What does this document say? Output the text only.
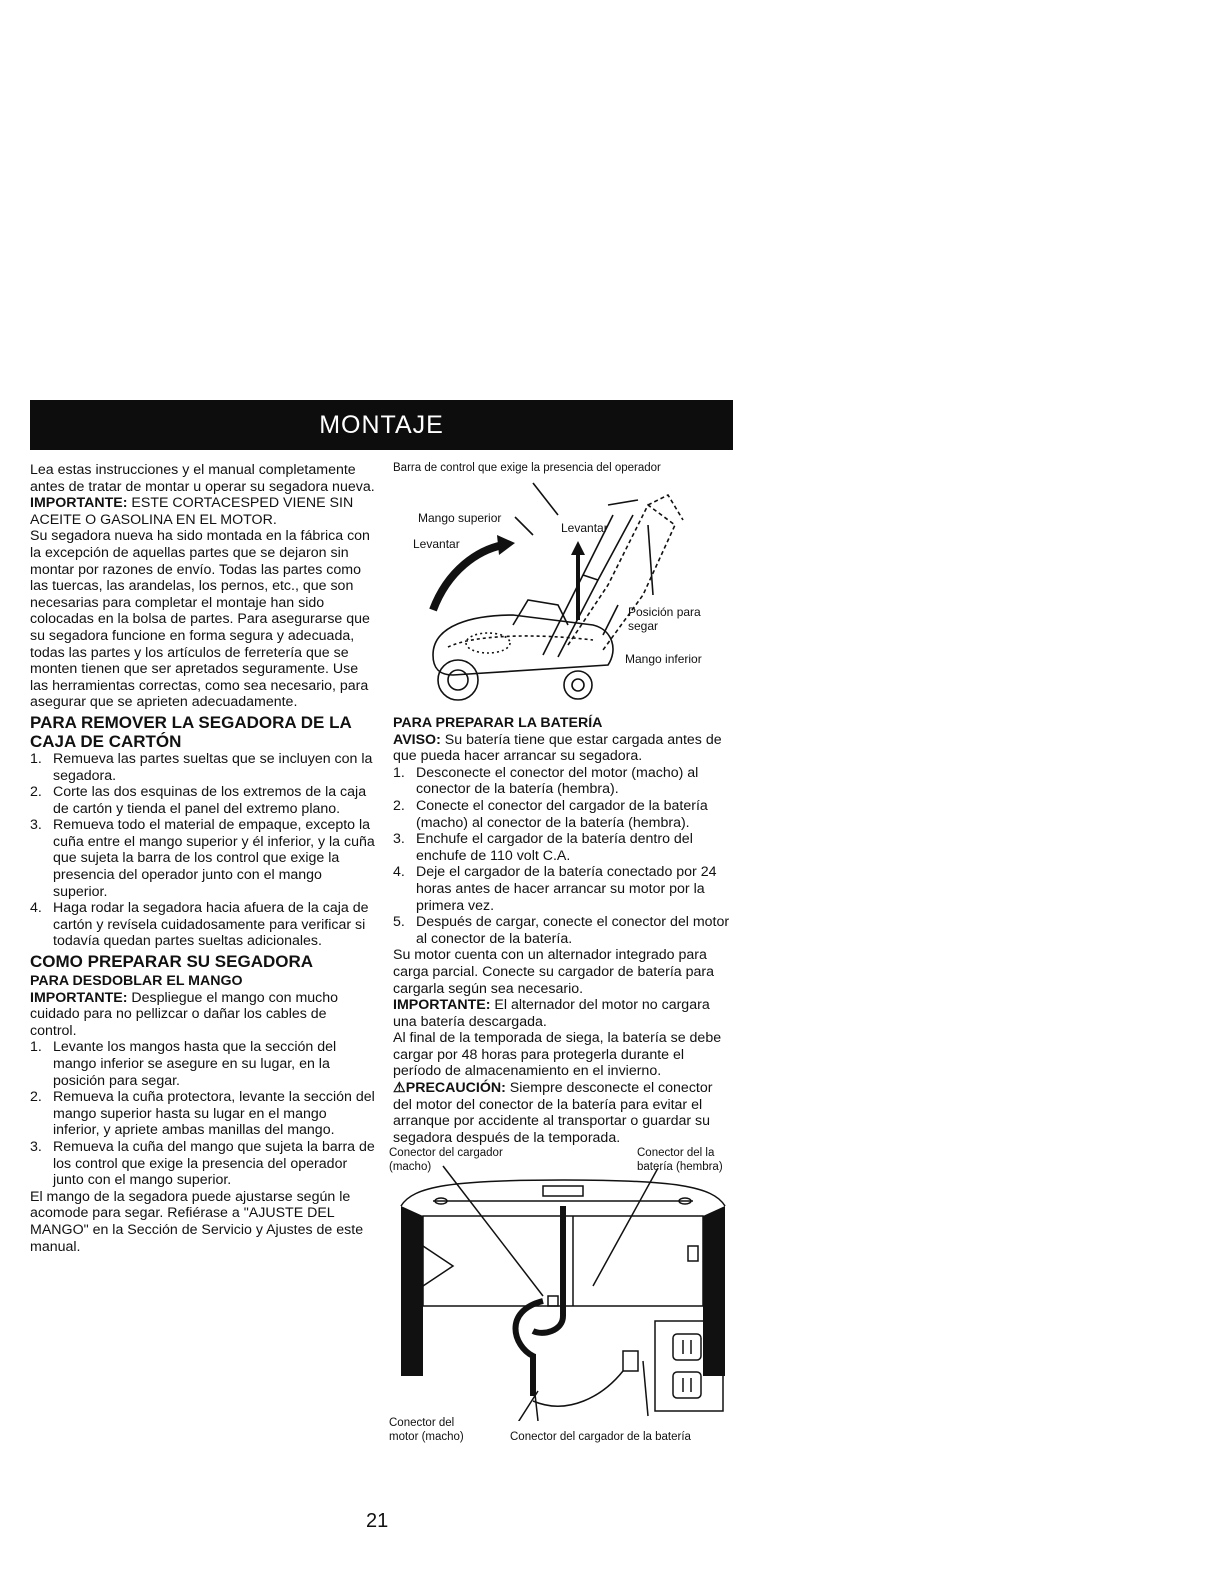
MONTAJE

Lea estas instrucciones y el manual completamente antes de tratar de montar u operar su segadora nueva.

IMPORTANTE: ESTE CORTACESPED VIENE SIN ACEITE O GASOLINA EN EL MOTOR.

Su segadora nueva ha sido montada en la fábrica con la excepción de aquellas partes que se dejaron sin montar por razones de envío. Todas las partes como las tuercas, las arandelas, los pernos, etc., que son necesarias para completar el montaje han sido colocadas en la bolsa de partes. Para asegurarse que su segadora funcione en forma segura y adecuada, todas las partes y los artículos de ferretería que se monten tienen que ser apretados seguramente. Use las herramientas correctas, como sea necesario, para asegurar que se aprieten adecuadamente.

PARA REMOVER LA SEGADORA DE LA CAJA DE CARTÓN
1. Remueva las partes sueltas que se incluyen con la segadora.
2. Corte las dos esquinas de los extremos de la caja de cartón y tienda el panel del extremo plano.
3. Remueva todo el material de empaque, excepto la cuña entre el mango superior y él inferior, y la cuña que sujeta la barra de los control que exige la presencia del operador junto con el mango superior.
4. Haga rodar la segadora hacia afuera de la caja de cartón y revísela cuidadosamente para verificar si todavía quedan partes sueltas adicionales.
COMO PREPARAR SU SEGADORA
PARA DESDOBLAR EL MANGO

IMPORTANTE: Despliegue el mango con mucho cuidado para no pellizcar o dañar los cables de control.

1. Levante los mangos hasta que la sección del mango inferior se asegure en su lugar, en la posición para segar.
2. Remueva la cuña protectora, levante la sección del mango superior hasta su lugar en el mango inferior, y apriete ambas manillas del mango.
3. Remueva la cuña del mango que sujeta la barra de los control que exige la presencia del operador junto con el mango superior.

El mango de la segadora puede ajustarse según le acomode para segar. Refiérase a "AJUSTE DEL MANGO" en la Sección de Servicio y Ajustes de este manual.

Barra de control que exige la presencia del operador

Mango superior
Levantar
Levantar
Posición para
segar
Mango inferior
PARA PREPARAR LA BATERÍA

AVISO: Su batería tiene que estar cargada antes de que pueda hacer arrancar su segadora.

1. Desconecte el conector del motor (macho) al conector de la batería (hembra).
2. Conecte el conector del cargador de la batería (macho) al conector de la batería (hembra).
3. Enchufe el cargador de la batería dentro del enchufe de 110 volt C.A.
4. Deje el cargador de la batería conectado por 24 horas antes de hacer arrancar su motor por la primera vez.
5. Después de cargar, conecte el conector del motor al conector de la batería.

Su motor cuenta con un alternador integrado para carga parcial. Conecte su cargador de batería para cargarla según sea necesario.

IMPORTANTE: El alternador del motor no cargara una batería descargada.

Al final de la temporada de siega, la batería se debe cargar por 48 horas para protegerla durante el período de almacenamiento en el invierno.

⚠PRECAUCIÓN: Siempre desconecte el conector del motor del conector de la batería para evitar el arranque por accidente al transportar o guardar su segadora después de la temporada.

Conector del cargador
(macho)
Conector del la
batería (hembra)
Conector del
motor (macho)	Conector del cargador de la batería
21
